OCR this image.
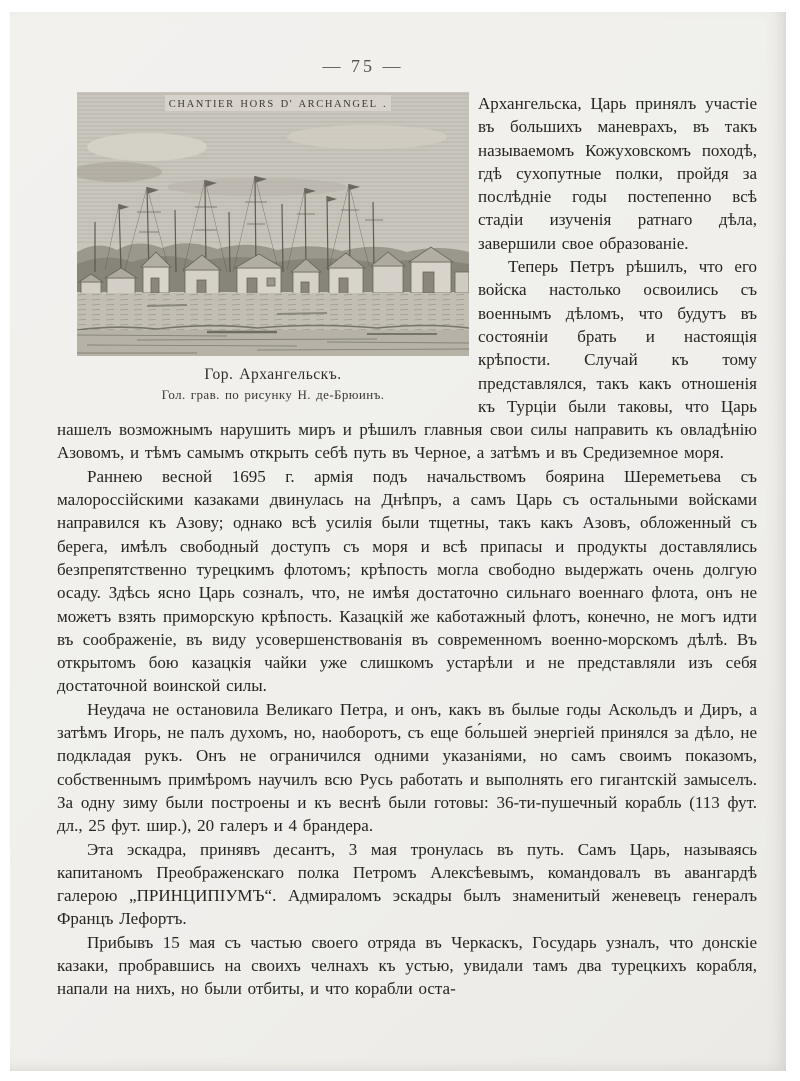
— 75 —
CHANTIER HORS D' ARCHANGEL .
Гор. Архангельскъ.
Гол. грав. по рисунку Н. де-Брюинъ.

Архангельска, Царь принялъ участіе въ большихъ маневрахъ, въ такъ называемомъ Кожуховскомъ походѣ, гдѣ сухопутные полки, пройдя за послѣдніе годы постепенно всѣ стадіи изученія ратнаго дѣла, завершили свое образованіе.

Теперь Петръ рѣшилъ, что его войска настолько освоились съ военнымъ дѣломъ, что будутъ въ состояніи брать и настоящія крѣпости. Случай къ тому представлялся, такъ какъ отношенія къ Турціи были таковы, что Царь нашелъ возможнымъ нарушить миръ и рѣшилъ главныя свои силы направить къ овладѣнію Азовомъ, и тѣмъ самымъ открыть себѣ путь въ Черное, а затѣмъ и въ Средиземное моря.

Раннею весной 1695 г. армія подъ начальствомъ боярина Шереметьева съ малороссійскими казаками двинулась на Днѣпръ, а самъ Царь съ остальными войсками направился къ Азову; однако всѣ усилія были тщетны, такъ какъ Азовъ, обложенный съ берега, имѣлъ свободный доступъ съ моря и всѣ припасы и продукты доставлялись безпрепятственно турецкимъ флотомъ; крѣпость могла свободно выдержать очень долгую осаду. Здѣсь ясно Царь созналъ, что, не имѣя достаточно сильнаго военнаго флота, онъ не можетъ взять приморскую крѣпость. Казацкій же каботажный флотъ, конечно, не могъ идти въ соображеніе, въ виду усовершенствованія въ современномъ военно-морскомъ дѣлѣ. Въ открытомъ бою казацкія чайки уже слишкомъ устарѣли и не представляли изъ себя достаточной воинской силы.

Неудача не остановила Великаго Петра, и онъ, какъ въ былые годы Аскольдъ и Диръ, а затѣмъ Игорь, не палъ духомъ, но, наоборотъ, съ еще бо́льшей энергіей принялся за дѣло, не подкладая рукъ. Онъ не ограничился одними указаніями, но самъ своимъ показомъ, собственнымъ примѣромъ научилъ всю Русь работать и выполнять его гигантскій замыселъ. За одну зиму были построены и къ веснѣ были готовы: 36-ти-пушечный корабль (113 фут. дл., 25 фут. шир.), 20 галеръ и 4 брандера.

Эта эскадра, принявъ десантъ, 3 мая тронулась въ путь. Самъ Царь, называясь капитаномъ Преображенскаго полка Петромъ Алексѣевымъ, командовалъ въ авангардѣ галерою „ПРИНЦИПІУМЪ“. Адмираломъ эскадры былъ знаменитый женевецъ генералъ Францъ Лефортъ.

Прибывъ 15 мая съ частью своего отряда въ Черкаскъ, Государь узналъ, что донскіе казаки, пробравшись на своихъ челнахъ къ устью, увидали тамъ два турецкихъ корабля, напали на нихъ, но были отбиты, и что корабли оста-
